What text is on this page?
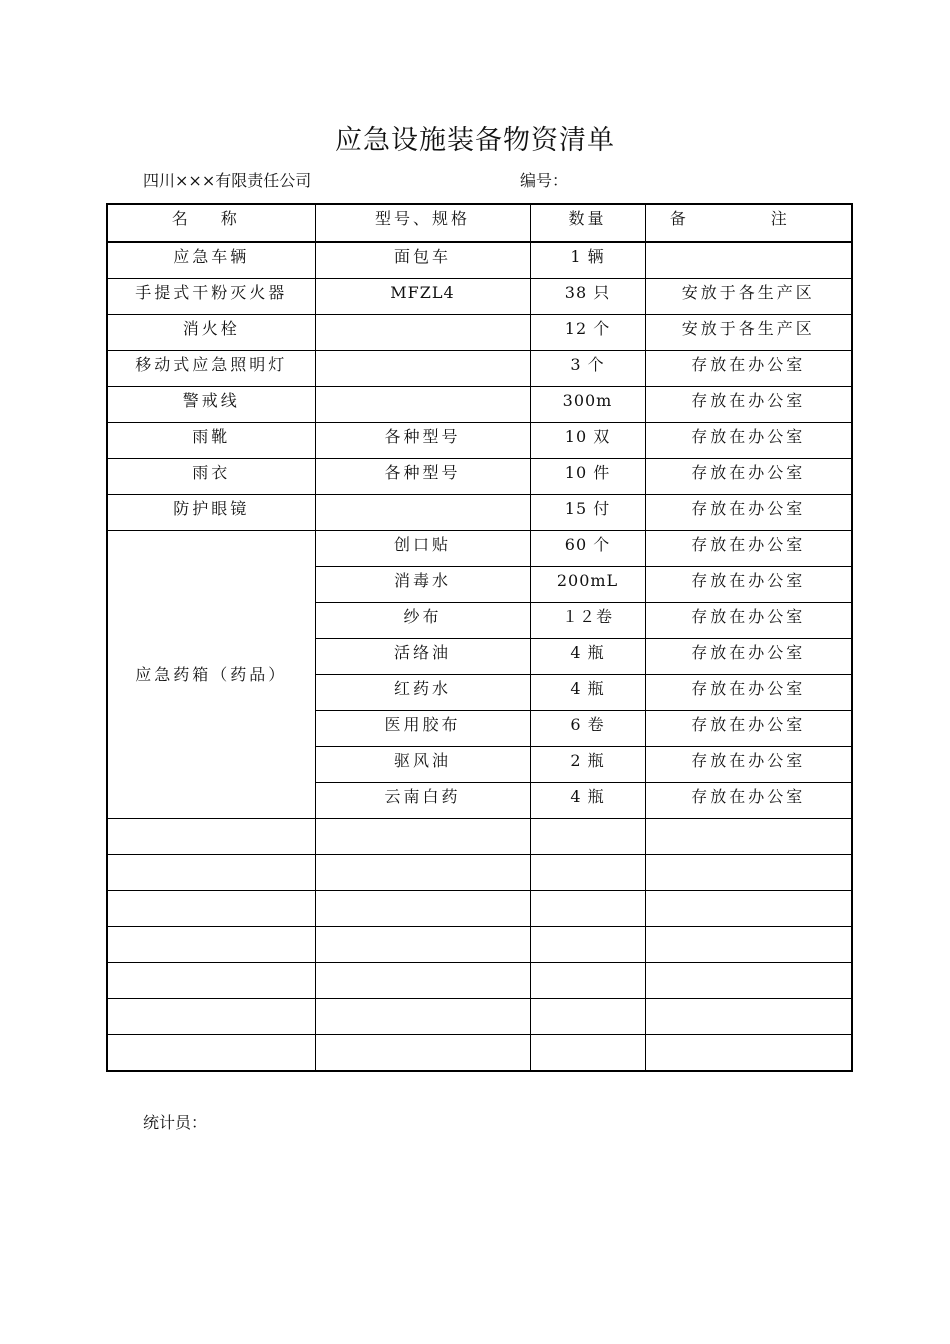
应急设施装备物资清单
四川×××有限责任公司	编号：
名 称	型号、规格	数量	备 注
应急车辆	面包车	1 辆	
手提式干粉灭火器	MFZL4	38 只	安放于各生产区
消火栓		12 个	安放于各生产区
移动式应急照明灯		3 个	存放在办公室
警戒线		300m	存放在办公室
雨靴	各种型号	10 双	存放在办公室
雨衣	各种型号	10 件	存放在办公室
防护眼镜		15 付	存放在办公室
应急药箱（药品）	创口贴	60 个	存放在办公室
	消毒水	200mL	存放在办公室
	纱布	１２卷	存放在办公室
	活络油	4 瓶	存放在办公室
	红药水	4 瓶	存放在办公室
	医用胶布	6 卷	存放在办公室
	驱风油	2 瓶	存放在办公室
	云南白药	4 瓶	存放在办公室

统计员：
